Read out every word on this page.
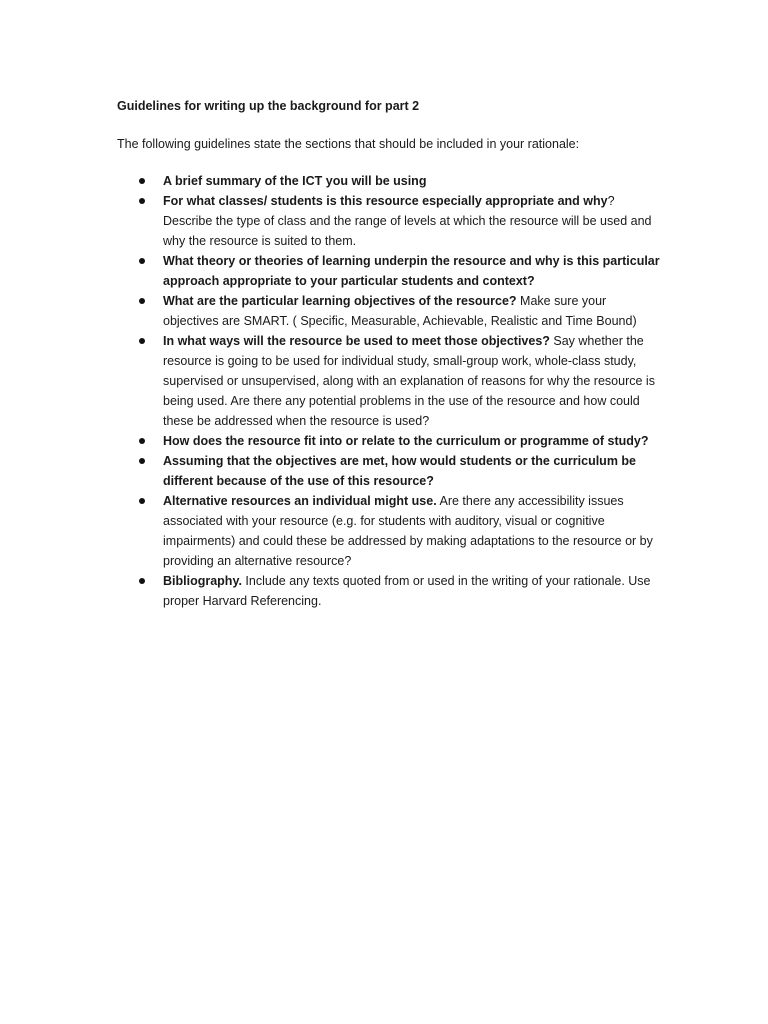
Guidelines for writing up the background for part 2
The following guidelines state the sections that should be included in your rationale:
A brief summary of the ICT you will be using
For what classes/ students is this resource especially appropriate and why? Describe the type of class and the range of levels at which the resource will be used and why the resource is suited to them.
What theory or theories of learning underpin the resource and why is this particular approach appropriate to your particular students and context?
What are the particular learning objectives of the resource? Make sure your objectives are SMART. ( Specific, Measurable, Achievable, Realistic and Time Bound)
In what ways will the resource be used to meet those objectives? Say whether the resource is going to be used for individual study, small-group work, whole-class study, supervised or unsupervised, along with an explanation of reasons for why the resource is being used. Are there any potential problems in the use of the resource and how could these be addressed when the resource is used?
How does the resource fit into or relate to the curriculum or programme of study?
Assuming that the objectives are met, how would students or the curriculum be different because of the use of this resource?
Alternative resources an individual might use. Are there any accessibility issues associated with your resource (e.g. for students with auditory, visual or cognitive impairments) and could these be addressed by making adaptations to the resource or by providing an alternative resource?
Bibliography. Include any texts quoted from or used in the writing of your rationale. Use proper Harvard Referencing.
